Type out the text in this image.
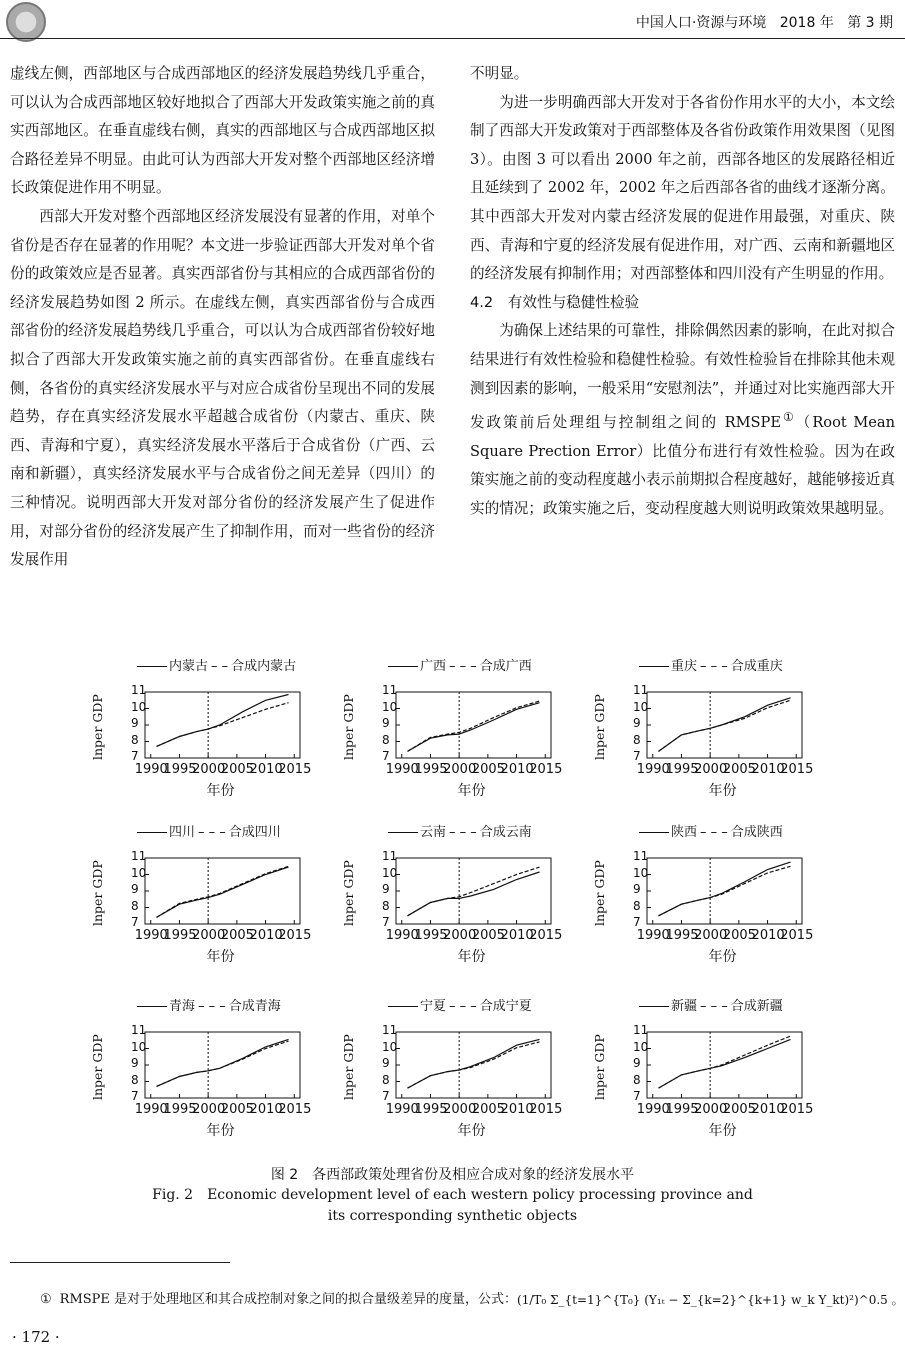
中国人口·资源与环境 2018 年 第 3 期

虚线左侧，西部地区与合成西部地区的经济发展趋势线几乎重合，可以认为合成西部地区较好地拟合了西部大开发政策实施之前的真实西部地区。在垂直虚线右侧，真实的西部地区与合成西部地区拟合路径差异不明显。由此可认为西部大开发对整个西部地区经济增长政策促进作用不明显。

西部大开发对整个西部地区经济发展没有显著的作用，对单个省份是否存在显著的作用呢？本文进一步验证西部大开发对单个省份的政策效应是否显著。真实西部省份与其相应的合成西部省份的经济发展趋势如图 2 所示。在虚线左侧，真实西部省份与合成西部省份的经济发展趋势线几乎重合，可以认为合成西部省份较好地拟合了西部大开发政策实施之前的真实西部省份。在垂直虚线右侧，各省份的真实经济发展水平与对应合成省份呈现出不同的发展趋势，存在真实经济发展水平超越合成省份（内蒙古、重庆、陕西、青海和宁夏），真实经济发展水平落后于合成省份（广西、云南和新疆），真实经济发展水平与合成省份之间无差异（四川）的三种情况。说明西部大开发对部分省份的经济发展产生了促进作用，对部分省份的经济发展产生了抑制作用，而对一些省份的经济发展作用

不明显。

为进一步明确西部大开发对于各省份作用水平的大小，本文绘制了西部大开发政策对于西部整体及各省份政策作用效果图（见图 3）。由图 3 可以看出 2000 年之前，西部各地区的发展路径相近且延续到了 2002 年，2002 年之后西部各省的曲线才逐渐分离。其中西部大开发对内蒙古经济发展的促进作用最强，对重庆、陕西、青海和宁夏的经济发展有促进作用，对广西、云南和新疆地区的经济发展有抑制作用；对西部整体和四川没有产生明显的作用。

4.2　有效性与稳健性检验

为确保上述结果的可靠性，排除偶然因素的影响，在此对拟合结果进行有效性检验和稳健性检验。有效性检验旨在排除其他未观测到因素的影响，一般采用“安慰剂法”，并通过对比实施西部大开发政策前后处理组与控制组之间的 RMSPE①（Root Mean Square Prection Error）比值分布进行有效性检验。因为在政策实施之前的变动程度越小表示前期拟合程度越好，越能够接近真实的情况；政策实施之后，变动程度越大则说明政策效果越明显。

内蒙古 – – 合成内蒙古
7
8
9
10
11
1990
1995
2000
2005
2010
2015
年份
lnper GDP
广西 – – – 合成广西
7
8
9
10
11
1990
1995
2000
2005
2010
2015
年份
lnper GDP
重庆 – – – 合成重庆
7
8
9
10
11
1990
1995
2000
2005
2010
2015
年份
lnper GDP
四川 – – – 合成四川
7
8
9
10
11
1990
1995
2000
2005
2010
2015
年份
lnper GDP
云南 – – – 合成云南
7
8
9
10
11
1990
1995
2000
2005
2010
2015
年份
lnper GDP
陕西 – – – 合成陕西
7
8
9
10
11
1990
1995
2000
2005
2010
2015
年份
lnper GDP
青海 – – – 合成青海
7
8
9
10
11
1990
1995
2000
2005
2010
2015
年份
lnper GDP
宁夏 – – – 合成宁夏
7
8
9
10
11
1990
1995
2000
2005
2010
2015
年份
lnper GDP
新疆 – – – 合成新疆
7
8
9
10
11
1990
1995
2000
2005
2010
2015
年份
lnper GDP
图 2　各西部政策处理省份及相应合成对象的经济发展水平
Fig. 2　Economic development level of each western policy processing province and
its corresponding synthetic objects
① RMSPE 是对于处理地区和其合成控制对象之间的拟合量级差异的度量，公式：(1/T₀ Σ_{t=1}^{T₀} (Y₁ₜ − Σ_{k=2}^{k+1} w_k Y_kt)²)^0.5 。
· 172 ·
